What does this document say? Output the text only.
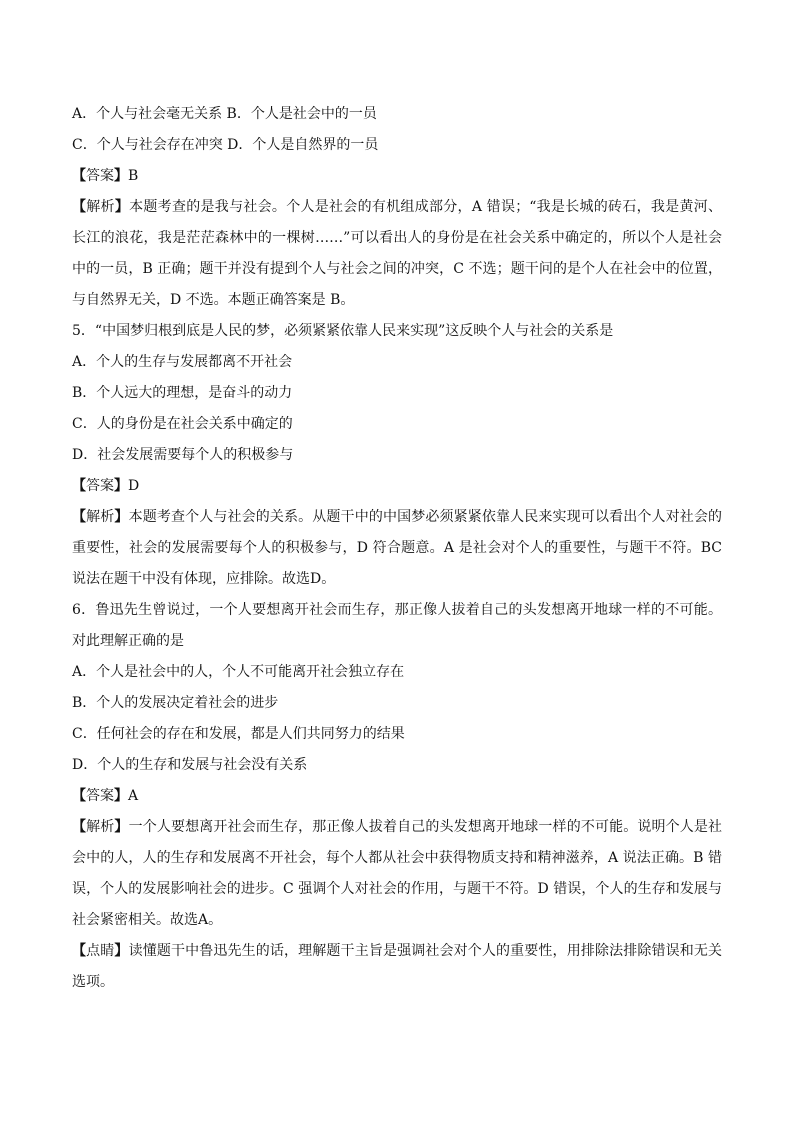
A．个人与社会毫无关系 B．个人是社会中的一员
C．个人与社会存在冲突 D．个人是自然界的一员
【答案】B
【解析】本题考查的是我与社会。个人是社会的有机组成部分，A 错误；“我是长城的砖石，我是黄河、长江的浪花，我是茫茫森林中的一棵树……”可以看出人的身份是在社会关系中确定的，所以个人是社会中的一员，B 正确；题干并没有提到个人与社会之间的冲突，C 不选；题干问的是个人在社会中的位置，与自然界无关，D 不选。本题正确答案是 B。
5．“中国梦归根到底是人民的梦，必须紧紧依靠人民来实现”这反映个人与社会的关系是
A．个人的生存与发展都离不开社会
B．个人远大的理想，是奋斗的动力
C．人的身份是在社会关系中确定的
D．社会发展需要每个人的积极参与
【答案】D
【解析】本题考查个人与社会的关系。从题干中的中国梦必须紧紧依靠人民来实现可以看出个人对社会的重要性，社会的发展需要每个人的积极参与，D 符合题意。A 是社会对个人的重要性，与题干不符。BC 说法在题干中没有体现，应排除。故选D。
6．鲁迅先生曾说过，一个人要想离开社会而生存，那正像人拔着自己的头发想离开地球一样的不可能。对此理解正确的是
A．个人是社会中的人，个人不可能离开社会独立存在
B．个人的发展决定着社会的进步
C．任何社会的存在和发展，都是人们共同努力的结果
D．个人的生存和发展与社会没有关系
【答案】A
【解析】一个人要想离开社会而生存，那正像人拔着自己的头发想离开地球一样的不可能。说明个人是社会中的人，人的生存和发展离不开社会，每个人都从社会中获得物质支持和精神滋养，A 说法正确。B 错误，个人的发展影响社会的进步。C 强调个人对社会的作用，与题干不符。D 错误，个人的生存和发展与社会紧密相关。故选A。
【点睛】读懂题干中鲁迅先生的话，理解题干主旨是强调社会对个人的重要性，用排除法排除错误和无关选项。
